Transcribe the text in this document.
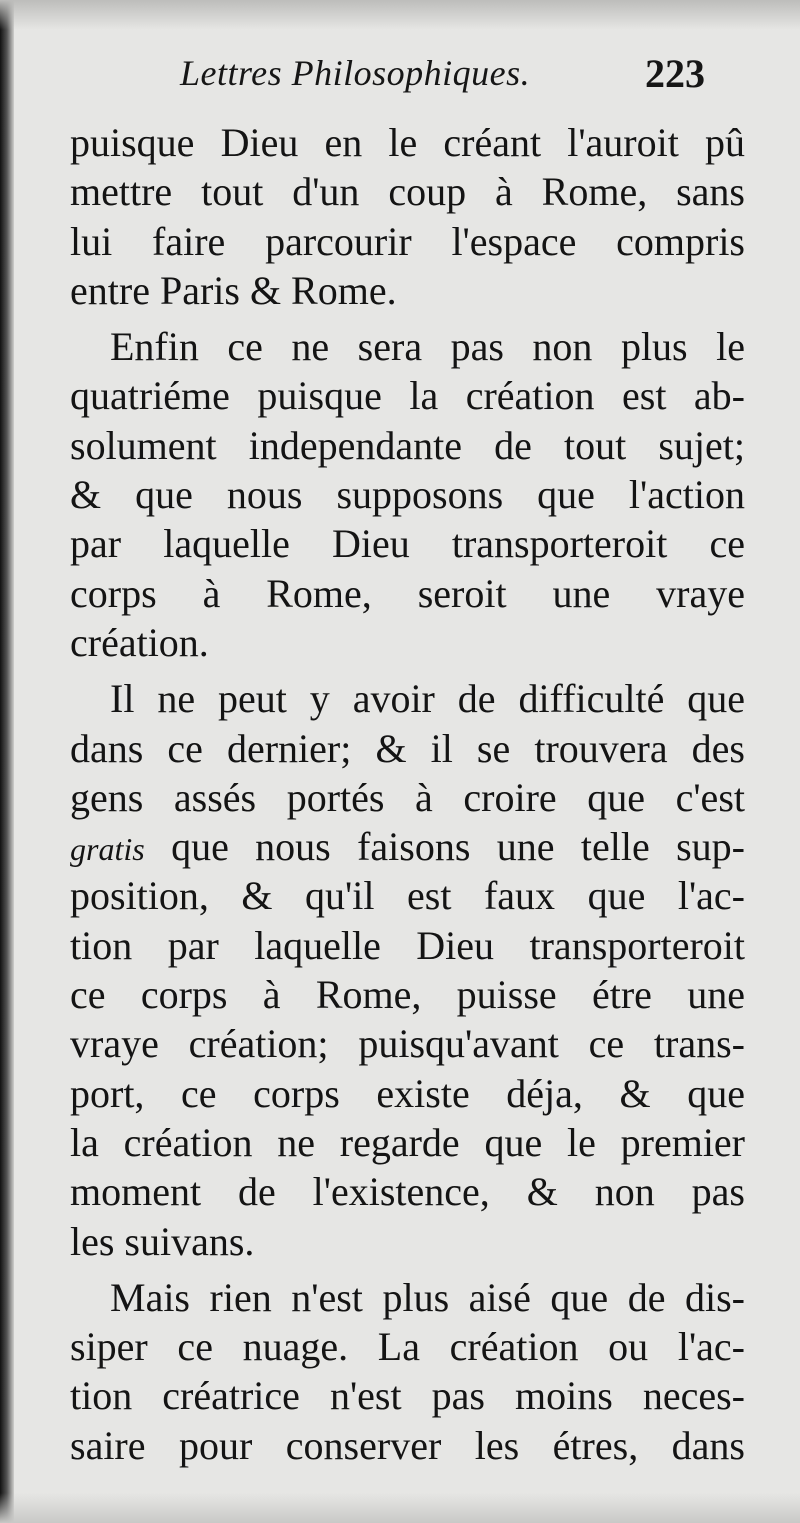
Lettres Philosophiques.	223
puisque Dieu en le créant l'auroit pû
mettre tout d'un coup à Rome, sans
lui faire parcourir l'espace compris
entre Paris & Rome.
Enfin ce ne sera pas non plus le
quatriéme puisque la création est ab-
solument independante de tout sujet;
& que nous supposons que l'action
par laquelle Dieu transporteroit ce
corps à Rome, seroit une vraye
création.
Il ne peut y avoir de difficulté que
dans ce dernier; & il se trouvera des
gens assés portés à croire que c'est
gratis que nous faisons une telle sup-
position, & qu'il est faux que l'ac-
tion par laquelle Dieu transporteroit
ce corps à Rome, puisse étre une
vraye création; puisqu'avant ce trans-
port, ce corps existe déja, & que
la création ne regarde que le premier
moment de l'existence, & non pas
les suivans.
Mais rien n'est plus aisé que de dis-
siper ce nuage. La création ou l'ac-
tion créatrice n'est pas moins neces-
saire pour conserver les étres, dans
